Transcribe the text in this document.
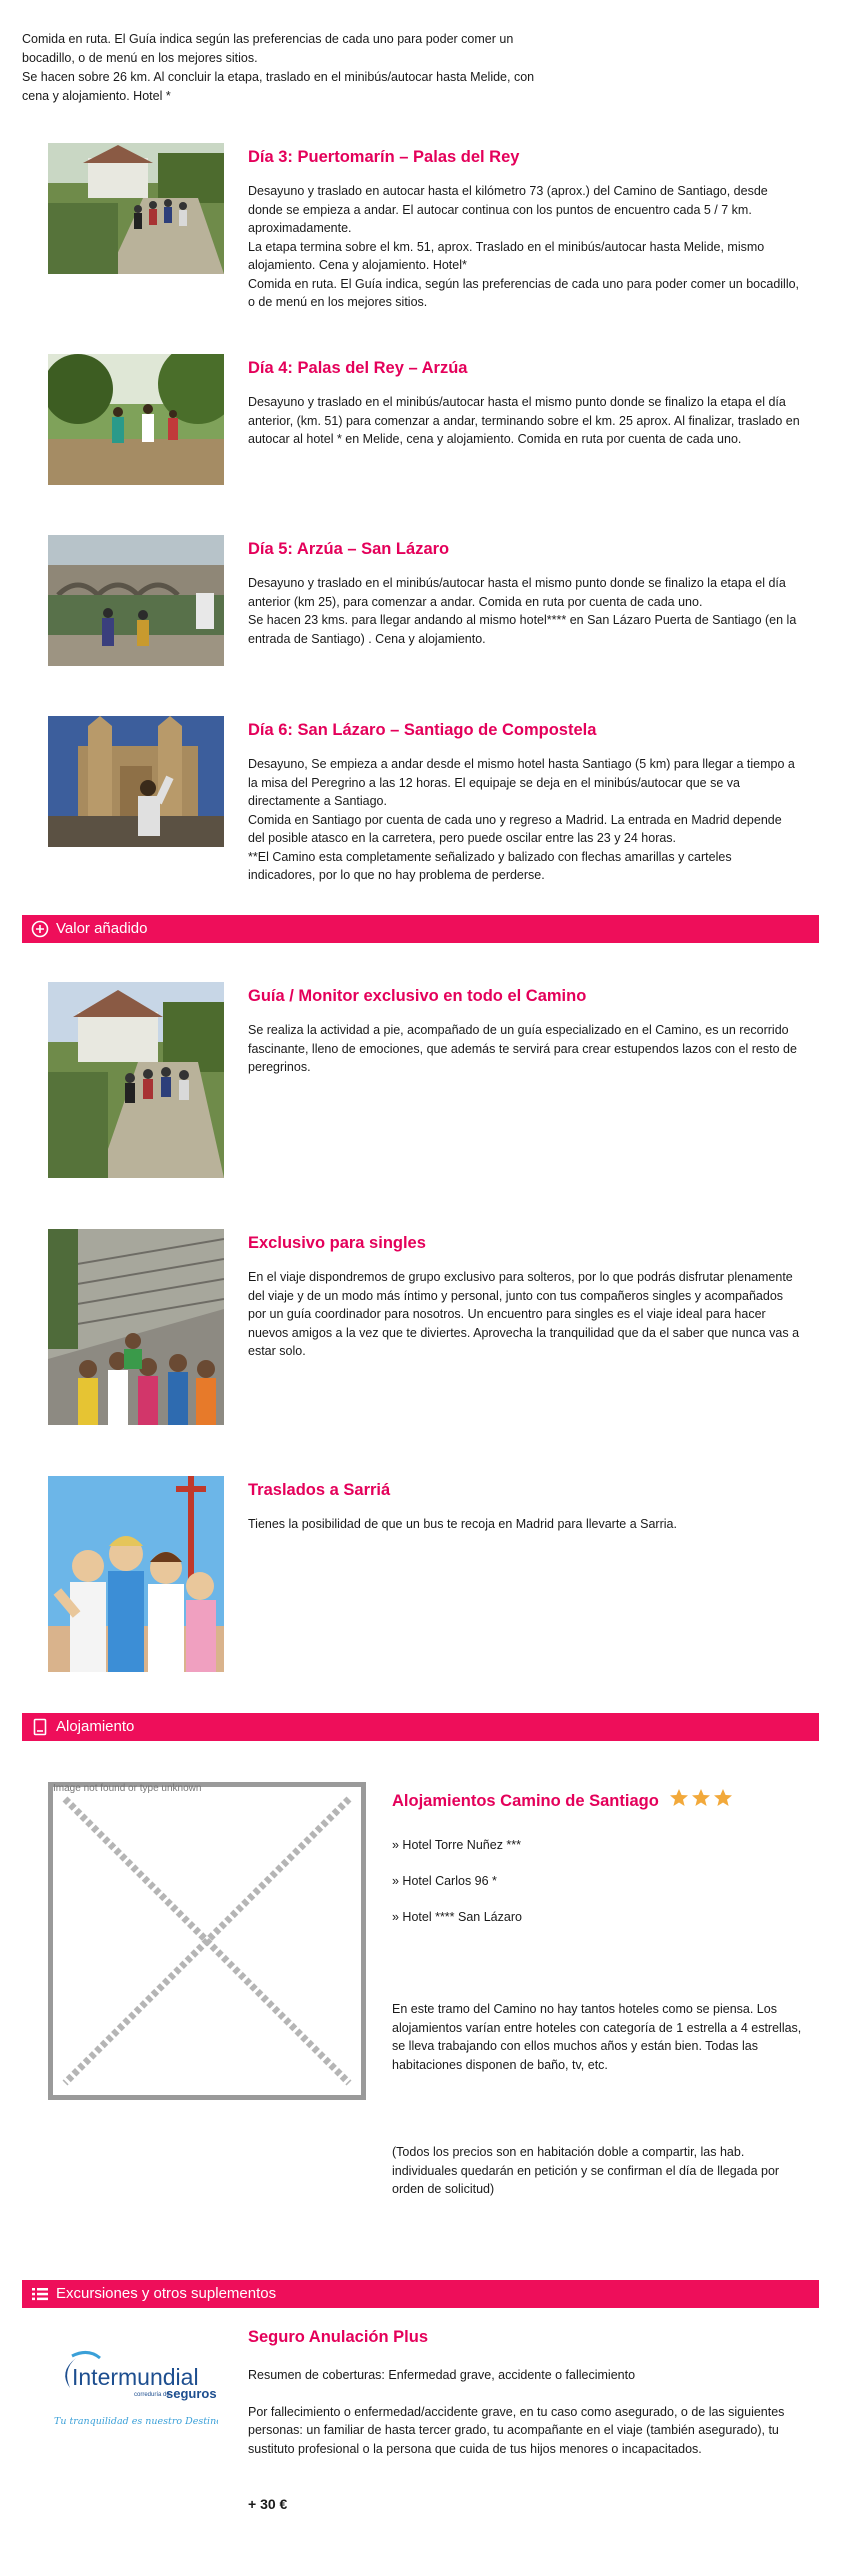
Comida en ruta. El Guía indica según las preferencias de cada uno para poder comer un bocadillo, o de menú en los mejores sitios.

Se hacen sobre 26 km. Al concluir la etapa, traslado en el minibús/autocar hasta Melide, con cena y alojamiento. Hotel *

Día 3: Puertomarín – Palas del Rey

Desayuno y traslado en autocar hasta el kilómetro 73 (aprox.) del Camino de Santiago, desde donde se empieza a andar. El autocar continua con los puntos de encuentro cada 5 / 7 km. aproximadamente.

La etapa termina sobre el km. 51, aprox. Traslado en el minibús/autocar hasta Melide, mismo alojamiento. Cena y alojamiento. Hotel*

Comida en ruta. El Guía indica, según las preferencias de cada uno para poder comer un bocadillo, o de menú en los mejores sitios.

Día 4: Palas del Rey – Arzúa

Desayuno y traslado en el minibús/autocar hasta el mismo punto donde se finalizo la etapa el día anterior, (km. 51) para comenzar a andar, terminando sobre el km. 25 aprox. Al finalizar, traslado en autocar al hotel * en Melide, cena y alojamiento. Comida en ruta por cuenta de cada uno.

Día 5: Arzúa – San Lázaro

Desayuno y traslado en el minibús/autocar hasta el mismo punto donde se finalizo la etapa el día anterior (km 25), para comenzar a andar. Comida en ruta por cuenta de cada uno.

Se hacen 23 kms. para llegar andando al mismo hotel**** en San Lázaro Puerta de Santiago (en la entrada de Santiago) . Cena y alojamiento.

Día 6: San Lázaro – Santiago de Compostela

Desayuno, Se empieza a andar desde el mismo hotel hasta Santiago (5 km) para llegar a tiempo a la misa del Peregrino a las 12 horas. El equipaje se deja en el minibús/autocar que se va directamente a Santiago.

Comida en Santiago por cuenta de cada uno y regreso a Madrid. La entrada en Madrid depende del posible atasco en la carretera, pero puede oscilar entre las 23 y 24 horas.

**El Camino esta completamente señalizado y balizado con flechas amarillas y carteles indicadores, por lo que no hay problema de perderse.

Valor añadido
Guía / Monitor exclusivo en todo el Camino
Se realiza la actividad a pie, acompañado de un guía especializado en el Camino, es un recorrido fascinante, lleno de emociones, que además te servirá para crear estupendos lazos con el resto de peregrinos.
Exclusivo para singles
En el viaje dispondremos de grupo exclusivo para solteros, por lo que podrás disfrutar plenamente del viaje y de un modo más íntimo y personal, junto con tus compañeros singles y acompañados por un guía coordinador para nosotros. Un encuentro para singles es el viaje ideal para hacer nuevos amigos a la vez que te diviertes. Aprovecha la tranquilidad que da el saber que nunca vas a estar solo.
Traslados a Sarriá
Tienes la posibilidad de que un bus te recoja en Madrid para llevarte a Sarria.
Alojamiento
Image not found or type unknown
Alojamientos Camino de Santiago
» Hotel Torre Nuñez ***
» Hotel Carlos 96 *
» Hotel **** San Lázaro
En este tramo del Camino no hay tantos hoteles como se piensa. Los alojamientos varían entre hoteles con categoría de 1 estrella a 4 estrellas, se lleva trabajando con ellos muchos años y están bien. Todas las habitaciones disponen de baño, tv, etc.
(Todos los precios son en habitación doble a compartir, las hab. individuales quedarán en petición y se confirman el día de llegada por orden de solicitud)
Excursiones y otros suplementos
Intermundial
correduría de
seguros
Tu tranquilidad es nuestro Destino
Seguro Anulación Plus
Resumen de coberturas: Enfermedad grave, accidente o fallecimiento
Por fallecimiento o enfermedad/accidente grave, en tu caso como asegurado, o de las siguientes personas: un familiar de hasta tercer grado, tu acompañante en el viaje (también asegurado), tu sustituto profesional o la persona que cuida de tus hijos menores o incapacitados.
+ 30 €
